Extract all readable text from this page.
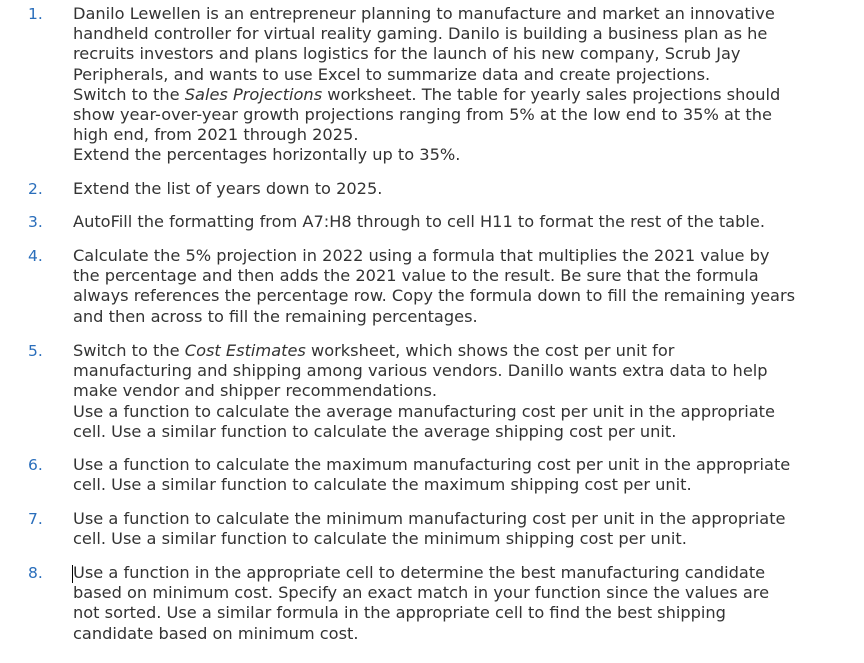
1. Danilo Lewellen is an entrepreneur planning to manufacture and market an innovative
handheld controller for virtual reality gaming. Danilo is building a business plan as he
recruits investors and plans logistics for the launch of his new company, Scrub Jay
Peripherals, and wants to use Excel to summarize data and create projections.
Switch to the Sales Projections worksheet. The table for yearly sales projections should
show year-over-year growth projections ranging from 5% at the low end to 35% at the
high end, from 2021 through 2025.
Extend the percentages horizontally up to 35%.
2. Extend the list of years down to 2025.
3. AutoFill the formatting from A7:H8 through to cell H11 to format the rest of the table.
4. Calculate the 5% projection in 2022 using a formula that multiplies the 2021 value by
the percentage and then adds the 2021 value to the result. Be sure that the formula
always references the percentage row. Copy the formula down to fill the remaining years
and then across to fill the remaining percentages.
5. Switch to the Cost Estimates worksheet, which shows the cost per unit for
manufacturing and shipping among various vendors. Danillo wants extra data to help
make vendor and shipper recommendations.
Use a function to calculate the average manufacturing cost per unit in the appropriate
cell. Use a similar function to calculate the average shipping cost per unit.
6. Use a function to calculate the maximum manufacturing cost per unit in the appropriate
cell. Use a similar function to calculate the maximum shipping cost per unit.
7. Use a function to calculate the minimum manufacturing cost per unit in the appropriate
cell. Use a similar function to calculate the minimum shipping cost per unit.
8. Use a function in the appropriate cell to determine the best manufacturing candidate
based on minimum cost. Specify an exact match in your function since the values are
not sorted. Use a similar formula in the appropriate cell to find the best shipping
candidate based on minimum cost.
